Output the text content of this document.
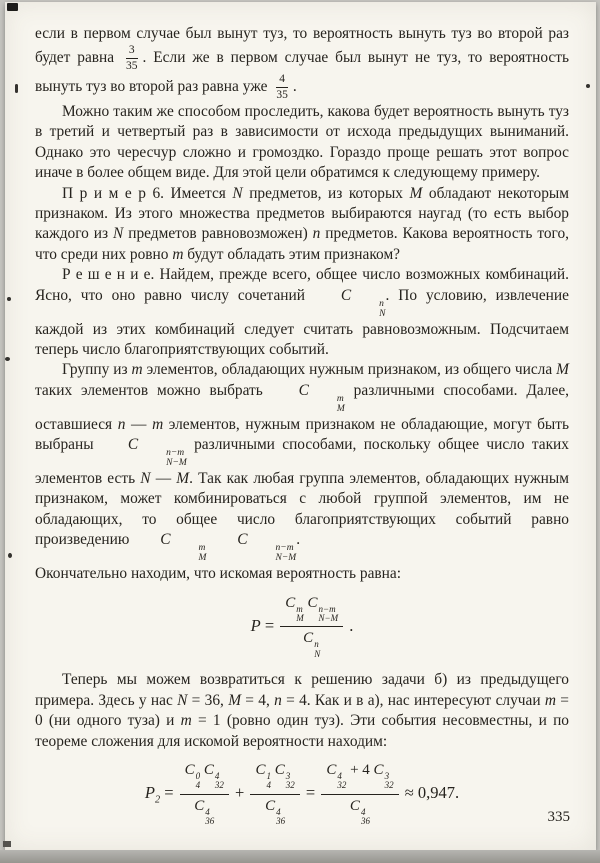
если в первом случае был вынут туз, то вероятность вынуть туз во второй раз будет равна $\frac{3}{35}$ . Если же в первом случае был вынут не туз, то вероятность вынуть туз во второй раз равна уже $\frac{4}{35}$ .
Можно таким же способом проследить, какова будет вероятность вынуть туз в третий и четвертый раз в зависимости от исхода предыдущих выниманий. Однако это чересчур сложно и громоздко. Гораздо проще решать этот вопрос иначе в более общем виде. Для этой цели обратимся к следующему примеру.
П р и м е р 6. Имеется N предметов, из которых M обладают некоторым признаком. Из этого множества предметов выбираются наугад (то есть выбор каждого из N предметов равновозможен) n предметов. Какова вероятность того, что среди них ровно m будут обладать этим признаком?
Р е ш е н и е. Найдем, прежде всего, общее число возможных комбинаций. Ясно, что оно равно числу сочетаний C	n
N
. По условию, извлечение каждой из этих комбинаций следует считать равновозможным. Подсчитаем теперь число благоприятствующих событий.
Группу из m элементов, обладающих нужным признаком, из общего числа M таких элементов можно выбрать C	m
M
различными способами. Далее, оставшиеся n — m элементов, нужным признаком не обладающие, могут быть выбраны C	n−m
N−M
различными способами, поскольку общее число таких элементов есть N — M. Так как любая группа элементов, обладающих нужным признаком, может комбинироваться с любой группой элементов, им не обладающих, то общее число благоприятствующих событий равно произведению C	m
M
C	n−m
N−M
.
Окончательно находим, что искомая вероятность равна:
P = C m
M
C n−m
N−M
C n
N .
Теперь мы можем возвратиться к решению задачи б) из предыдущего примера. Здесь у нас N = 36, M = 4, n = 4. Как и в а), нас интересуют случаи m = 0 (ни одного туза) и m = 1 (ровно один туз). Эти события несовместны, и по теореме сложения для искомой вероятности находим:
$P_2 = C$ 0
4
C 4
32
C 4
36 + C 1
4
C 3
32
C 4
36 = C 4
32
+ 4 C 3
32
C 4
36 ≈ 0,947.
335
